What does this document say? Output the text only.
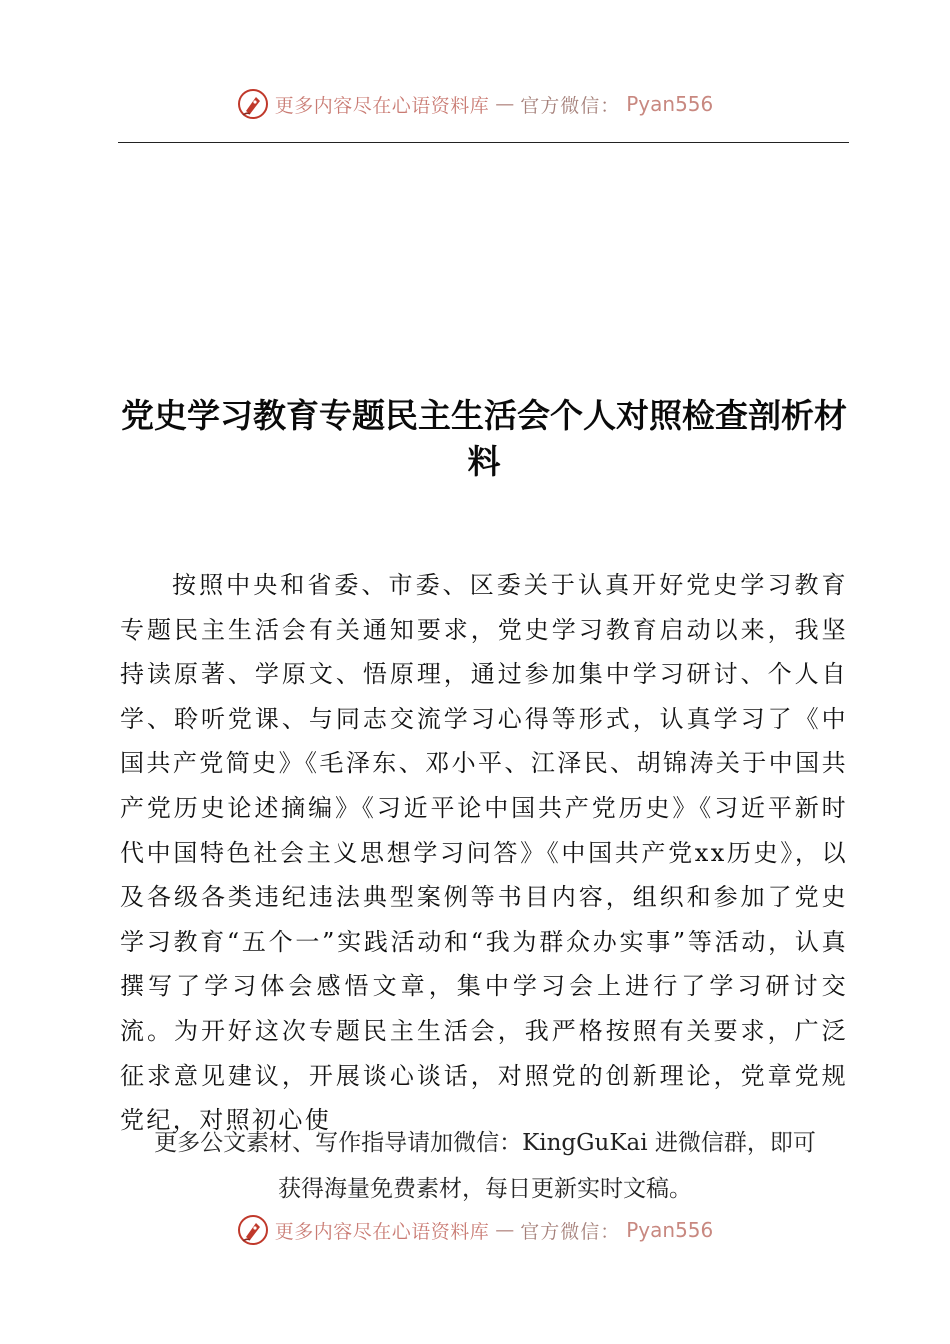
更多内容尽在心语资料库 — 官方微信： Pyan556
党史学习教育专题民主生活会个人对照检查剖析材料

按照中央和省委、市委、区委关于认真开好党史学习教育专题民主生活会有关通知要求，党史学习教育启动以来，我坚持读原著、学原文、悟原理，通过参加集中学习研讨、个人自学、聆听党课、与同志交流学习心得等形式，认真学习了《中国共产党简史》《毛泽东、邓小平、江泽民、胡锦涛关于中国共产党历史论述摘编》《习近平论中国共产党历史》《习近平新时代中国特色社会主义思想学习问答》《中国共产党xx历史》，以及各级各类违纪违法典型案例等书目内容，组织和参加了党史学习教育“五个一”实践活动和“我为群众办实事”等活动，认真撰写了学习体会感悟文章，集中学习会上进行了学习研讨交流。为开好这次专题民主生活会，我严格按照有关要求，广泛征求意见建议，开展谈心谈话，对照党的创新理论，党章党规党纪，对照初心使

更多公文素材、写作指导请加微信：KingGuKai 进微信群，即可
获得海量免费素材，每日更新实时文稿。
更多内容尽在心语资料库 — 官方微信： Pyan556
